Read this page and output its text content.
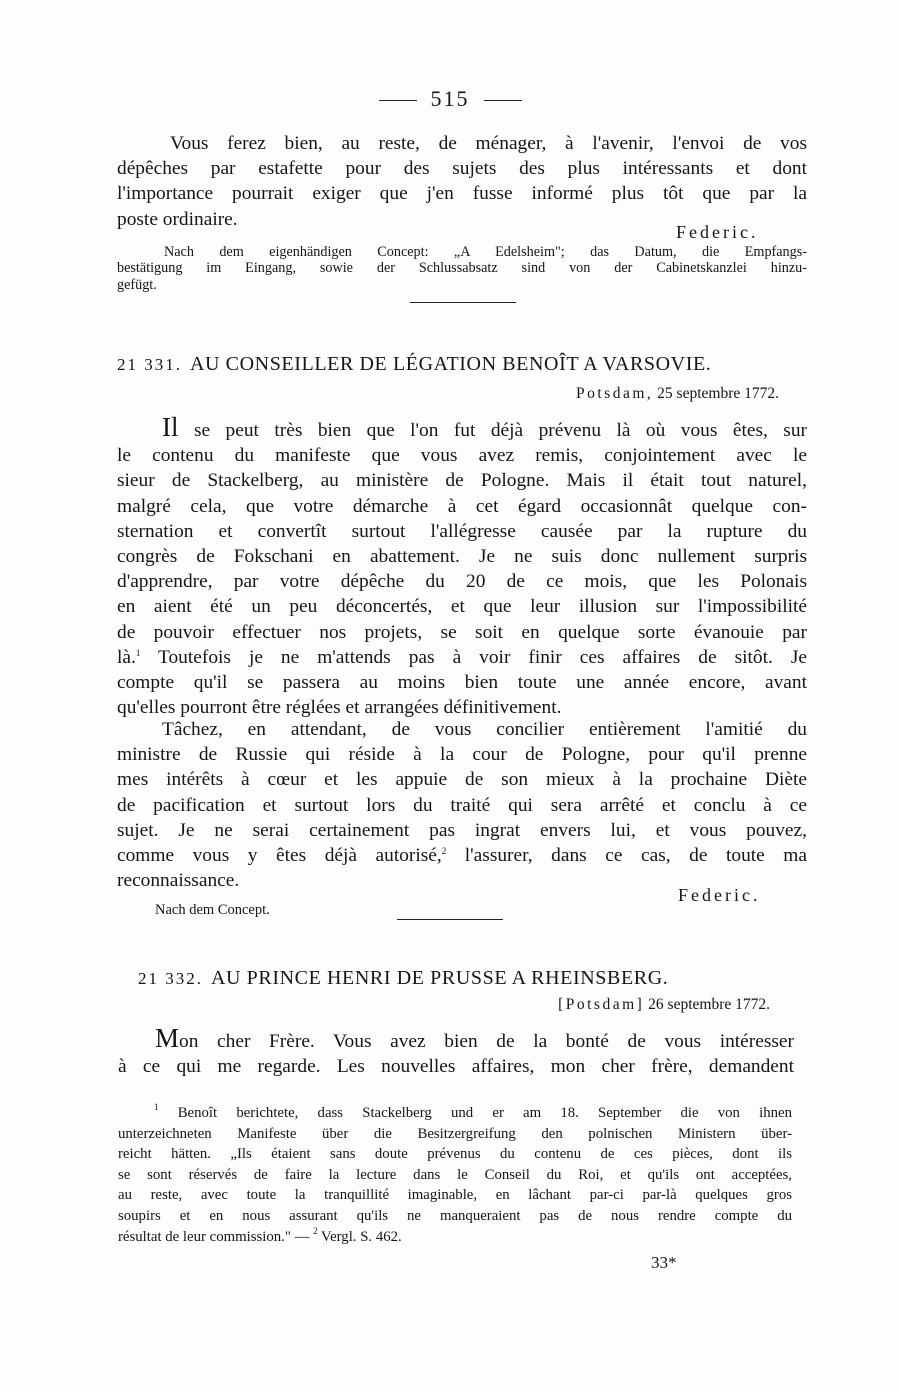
515
Vous ferez bien, au reste, de ménager, à l'avenir, l'envoi de vos
dépêches par estafette pour des sujets des plus intéressants et dont
l'importance pourrait exiger que j'en fusse informé plus tôt que par la
poste ordinaire.
Federic.
Nach dem eigenhändigen Concept: „A Edelsheim"; das Datum, die Empfangs-
bestätigung im Eingang, sowie der Schlussabsatz sind von der Cabinetskanzlei hinzu-
gefügt.
21 331. AU CONSEILLER DE LÉGATION BENOÎT A VARSOVIE.
Potsdam, 25 septembre 1772.
Il se peut très bien que l'on fut déjà prévenu là où vous êtes, sur
le contenu du manifeste que vous avez remis, conjointement avec le
sieur de Stackelberg, au ministère de Pologne. Mais il était tout naturel,
malgré cela, que votre démarche à cet égard occasionnât quelque con-
sternation et convertît surtout l'allégresse causée par la rupture du
congrès de Fokschani en abattement. Je ne suis donc nullement surpris
d'apprendre, par votre dépêche du 20 de ce mois, que les Polonais
en aient été un peu déconcertés, et que leur illusion sur l'impossibilité
de pouvoir effectuer nos projets, se soit en quelque sorte évanouie par
là.$^1$ Toutefois je ne m'attends pas à voir finir ces affaires de sitôt. Je
compte qu'il se passera au moins bien toute une année encore, avant
qu'elles pourront être réglées et arrangées définitivement.
Tâchez, en attendant, de vous concilier entièrement l'amitié du
ministre de Russie qui réside à la cour de Pologne, pour qu'il prenne
mes intérêts à cœur et les appuie de son mieux à la prochaine Diète
de pacification et surtout lors du traité qui sera arrêté et conclu à ce
sujet. Je ne serai certainement pas ingrat envers lui, et vous pouvez,
comme vous y êtes déjà autorisé,$^2$ l'assurer, dans ce cas, de toute ma
reconnaissance.
Federic.
Nach dem Concept.
21 332. AU PRINCE HENRI DE PRUSSE A RHEINSBERG.
[Potsdam] 26 septembre 1772.
Mon cher Frère. Vous avez bien de la bonté de vous intéresser
à ce qui me regarde. Les nouvelles affaires, mon cher frère, demandent
$^1$ Benoît berichtete, dass Stackelberg und er am 18. September die von ihnen
unterzeichneten Manifeste über die Besitzergreifung den polnischen Ministern über-
reicht hätten. „Ils étaient sans doute prévenus du contenu de ces pièces, dont ils
se sont réservés de faire la lecture dans le Conseil du Roi, et qu'ils ont acceptées,
au reste, avec toute la tranquillité imaginable, en lâchant par-ci par-là quelques gros
soupirs et en nous assurant qu'ils ne manqueraient pas de nous rendre compte du
résultat de leur commission." — $^2$ Vergl. S. 462.
33*
